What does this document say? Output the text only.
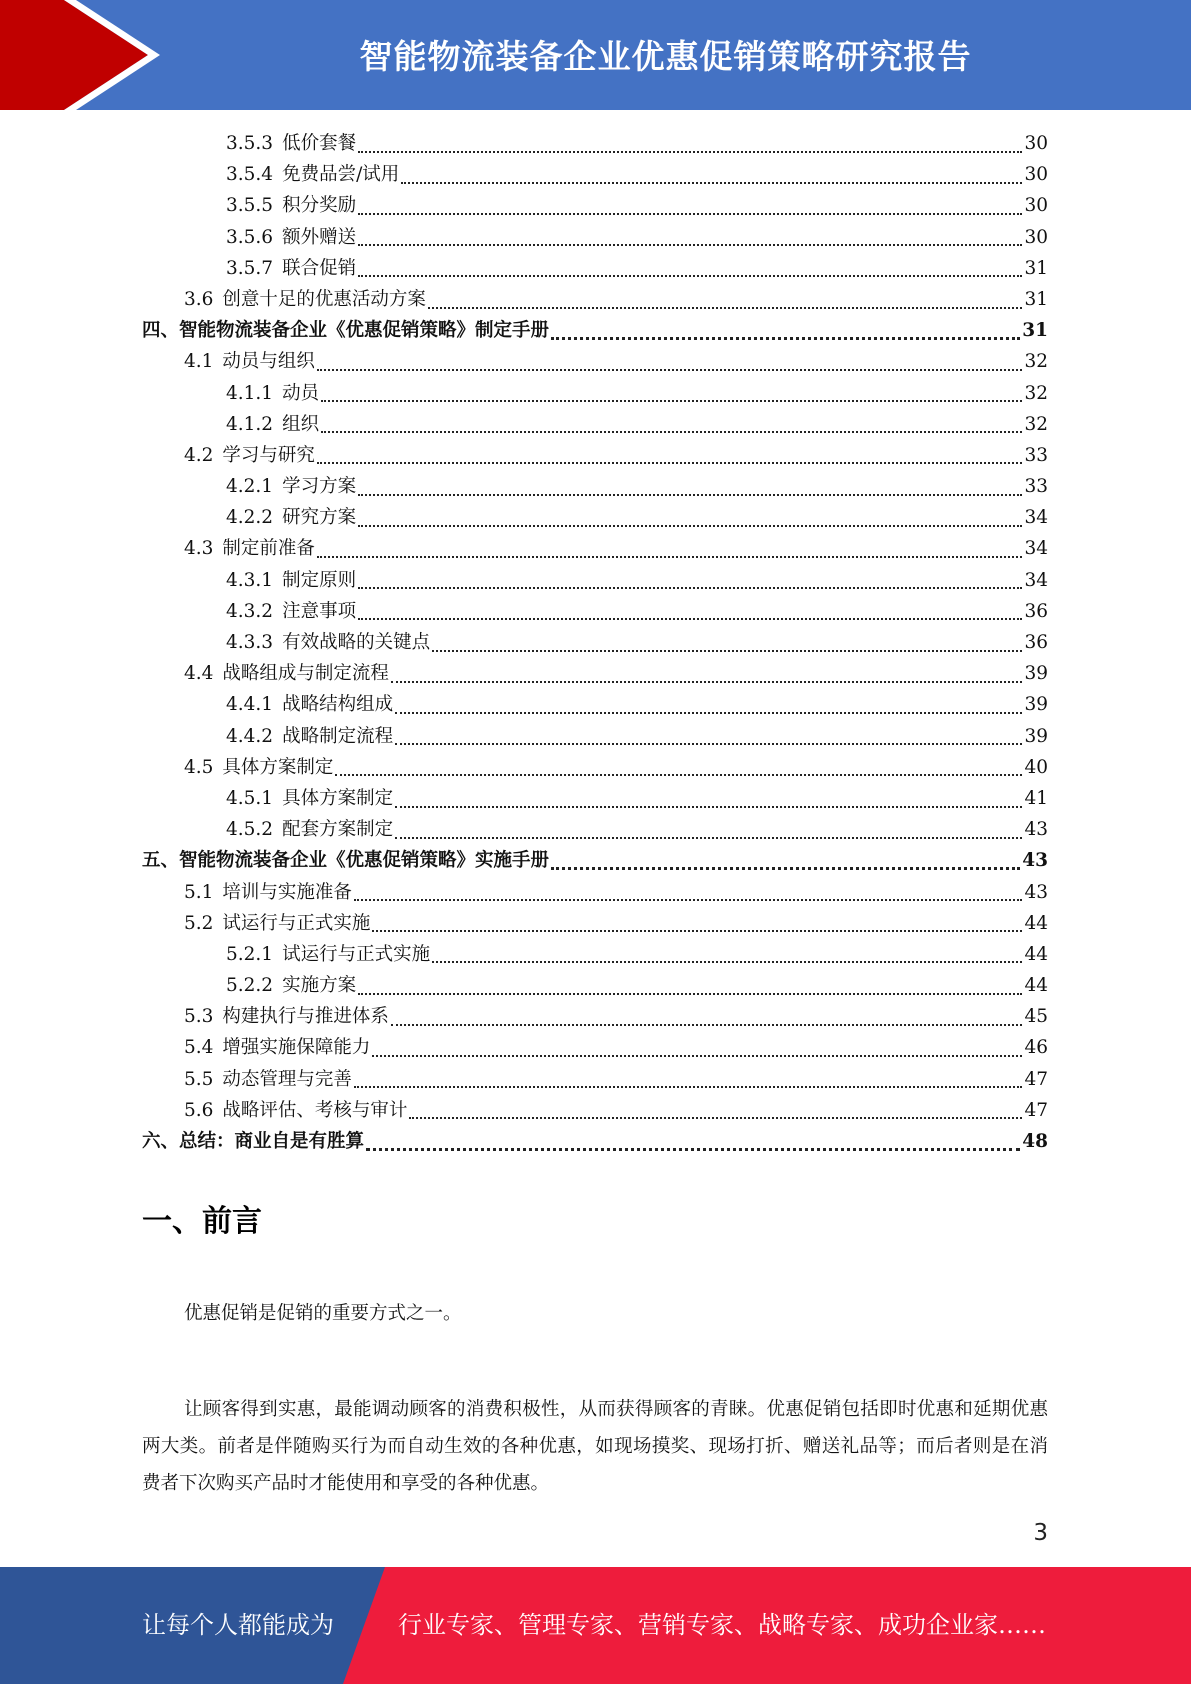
智能物流装备企业优惠促销策略研究报告
3.5.3 低价套餐	30
3.5.4 免费品尝/试用	30
3.5.5 积分奖励	30
3.5.6 额外赠送	30
3.5.7 联合促销	31
3.6 创意十足的优惠活动方案	31
四、智能物流装备企业《优惠促销策略》制定手册	31
4.1 动员与组织	32
4.1.1 动员	32
4.1.2 组织	32
4.2 学习与研究	33
4.2.1 学习方案	33
4.2.2 研究方案	34
4.3 制定前准备	34
4.3.1 制定原则	34
4.3.2 注意事项	36
4.3.3 有效战略的关键点	36
4.4 战略组成与制定流程	39
4.4.1 战略结构组成	39
4.4.2 战略制定流程	39
4.5 具体方案制定	40
4.5.1 具体方案制定	41
4.5.2 配套方案制定	43
五、智能物流装备企业《优惠促销策略》实施手册	43
5.1 培训与实施准备	43
5.2 试运行与正式实施	44
5.2.1 试运行与正式实施	44
5.2.2 实施方案	44
5.3 构建执行与推进体系	45
5.4 增强实施保障能力	46
5.5 动态管理与完善	47
5.6 战略评估、考核与审计	47
六、总结：商业自是有胜算	48
一、前言
优惠促销是促销的重要方式之一。
让顾客得到实惠，最能调动顾客的消费积极性，从而获得顾客的青睐。优惠促销包括即时优惠和延期优惠两大类。前者是伴随购买行为而自动生效的各种优惠，如现场摸奖、现场打折、赠送礼品等；而后者则是在消费者下次购买产品时才能使用和享受的各种优惠。
3
让每个人都能成为	行业专家、管理专家、营销专家、战略专家、成功企业家……
